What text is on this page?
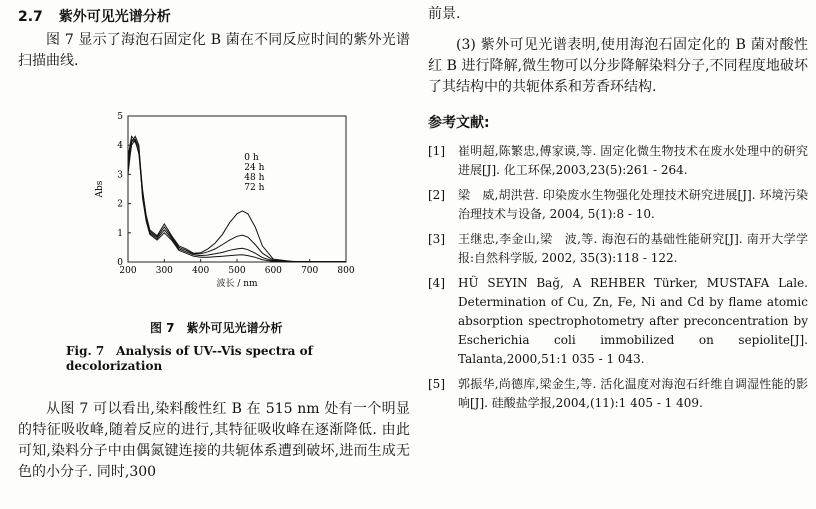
2.7 紫外可见光谱分析

图 7 显示了海泡石固定化 B 菌在不同反应时间的紫外光谱扫描曲线.

200 300 400 500 600 700 800
0
1
2
3
4
5
Abs
波长 / nm
0 h
24 h
48 h
72 h
图 7　紫外可见光谱分析
Fig. 7　Analysis of UV--Vis spectra of decolorization

从图 7 可以看出,染料酸性红 B 在 515 nm 处有一个明显的特征吸收峰,随着反应的进行,其特征吸收峰在逐渐降低. 由此可知,染料分子中由偶氮键连接的共轭体系遭到破坏,进而生成无色的小分子. 同时,300

前景.

(3) 紫外可见光谱表明,使用海泡石固定化的 B 菌对酸性红 B 进行降解,微生物可以分步降解染料分子,不同程度地破坏了其结构中的共轭体系和芳香环结构.

参考文献:
[1]	崔明超,陈繁忠,傅家谟,等. 固定化微生物技术在废水处理中的研究进展[J]. 化工环保,2003,23(5):261 - 264.
[2]	梁　威,胡洪营. 印染废水生物强化处理技术研究进展[J]. 环境污染治理技术与设备, 2004, 5(1):8 - 10.
[3]	王继忠,李金山,梁　波,等. 海泡石的基础性能研究[J]. 南开大学学报:自然科学版, 2002, 35(3):118 - 122.
[4]	HÜ SEYIN Bağ, A REHBER Türker, MUSTAFA Lale. Determination of Cu, Zn, Fe, Ni and Cd by flame atomic absorption spectrophotometry after preconcentration by Escherichia coli immobilized on sepiolite[J]. Talanta,2000,51:1 035 - 1 043.
[5]	郭振华,尚德库,梁金生,等. 活化温度对海泡石纤维自调湿性能的影响[J]. 硅酸盐学报,2004,(11):1 405 - 1 409.
